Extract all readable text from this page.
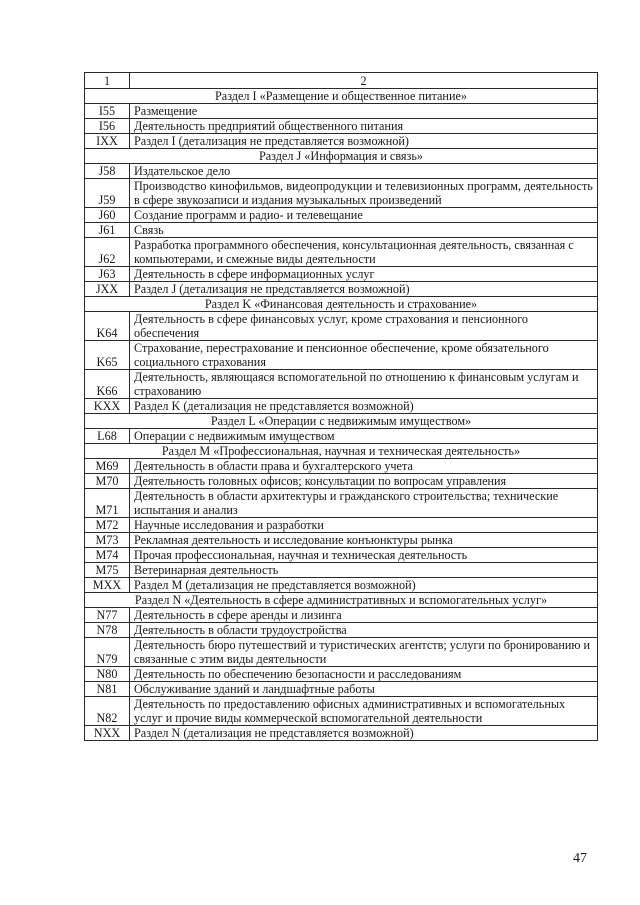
1	2
Раздел I «Размещение и общественное питание»	
I55	Размещение
I56	Деятельность предприятий общественного питания
IXX	Раздел I (детализация не представляется возможной)
Раздел J «Информация и связь»	
J58	Издательское дело
J59	Производство кинофильмов, видеопродукции и телевизионных программ, деятельность в сфере звукозаписи и издания музыкальных произведений
J60	Создание программ и радио- и телевещание
J61	Связь
J62	Разработка программного обеспечения, консультационная деятельность, связанная с компьютерами, и смежные виды деятельности
J63	Деятельность в сфере информационных услуг
JXX	Раздел J (детализация не представляется возможной)
Раздел K «Финансовая деятельность и страхование»	
K64	Деятельность в сфере финансовых услуг, кроме страхования и пенсионного обеспечения
K65	Страхование, перестрахование и пенсионное обеспечение, кроме обязательного социального страхования
K66	Деятельность, являющаяся вспомогательной по отношению к финансовым услугам и страхованию
KXX	Раздел K (детализация не представляется возможной)
Раздел L «Операции с недвижимым имуществом»	
L68	Операции с недвижимым имуществом
Раздел M «Профессиональная, научная и техническая деятельность»	
M69	Деятельность в области права и бухгалтерского учета
M70	Деятельность головных офисов; консультации по вопросам управления
M71	Деятельность в области архитектуры и гражданского строительства; технические испытания и анализ
M72	Научные исследования и разработки
M73	Рекламная деятельность и исследование конъюнктуры рынка
M74	Прочая профессиональная, научная и техническая деятельность
M75	Ветеринарная деятельность
MXX	Раздел M (детализация не представляется возможной)
Раздел N «Деятельность в сфере административных и вспомогательных услуг»	
N77	Деятельность в сфере аренды и лизинга
N78	Деятельность в области трудоустройства
N79	Деятельность бюро путешествий и туристических агентств; услуги по бронированию и связанные с этим виды деятельности
N80	Деятельность по обеспечению безопасности и расследованиям
N81	Обслуживание зданий и ландшафтные работы
N82	Деятельность по предоставлению офисных административных и вспомогательных услуг и прочие виды коммерческой вспомогательной деятельности
NXX	Раздел N (детализация не представляется возможной)
47
